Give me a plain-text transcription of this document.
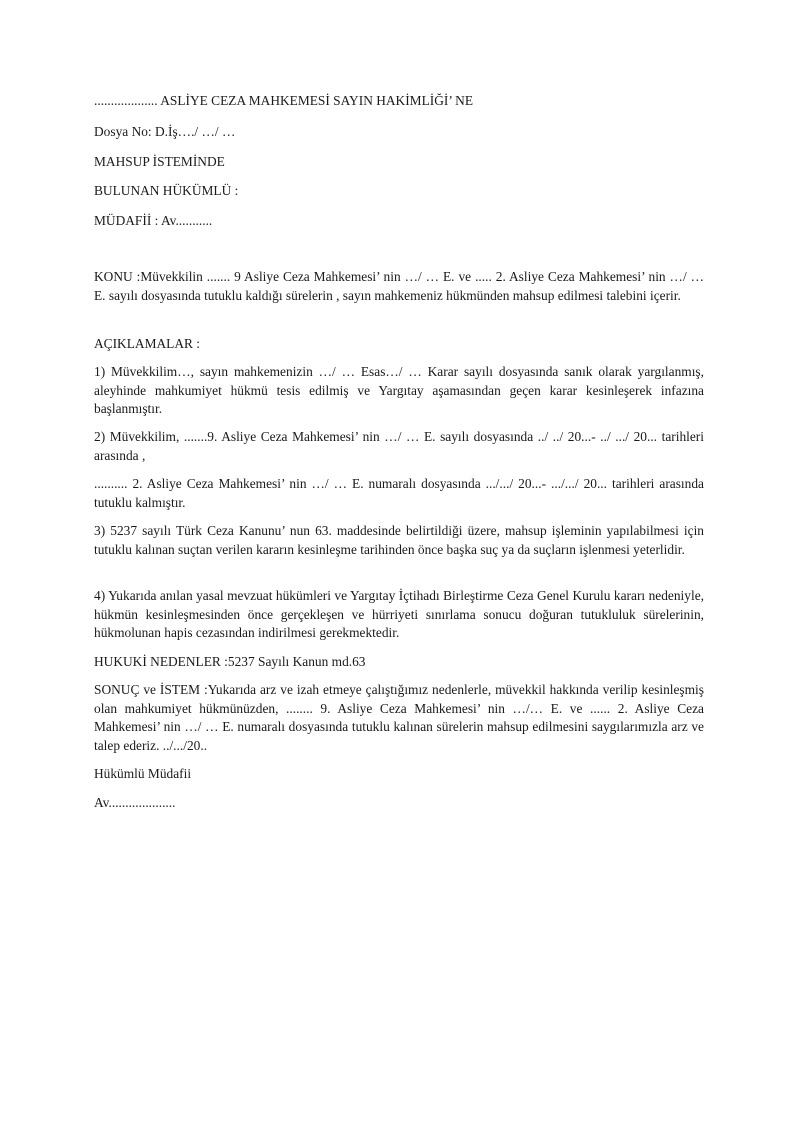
................... ASLİYE CEZA MAHKEMESİ SAYIN HAKİMLİĞİ’ NE
Dosya No: D.İş…./ …/ …
MAHSUP İSTEMİNDE
BULUNAN HÜKÜMLÜ :
MÜDAFİİ : Av...........

KONU :Müvekkilin ....... 9 Asliye Ceza Mahkemesi’ nin …/ … E. ve ..... 2. Asliye Ceza Mahkemesi’ nin …/ … E. sayılı dosyasında tutuklu kaldığı sürelerin , sayın mahkemeniz hükmünden mahsup edilmesi talebini içerir.

AÇIKLAMALAR :

1) Müvekkilim…, sayın mahkemenizin …/ … Esas…/ … Karar sayılı dosyasında sanık olarak yargılanmış, aleyhinde mahkumiyet hükmü tesis edilmiş ve Yargıtay aşamasından geçen karar kesinleşerek infazına başlanmıştır.

2) Müvekkilim, .......9. Asliye Ceza Mahkemesi’ nin …/ … E. sayılı dosyasında ../ ../ 20...- ../ .../ 20... tarihleri arasında ,

.......... 2. Asliye Ceza Mahkemesi’ nin …/ … E. numaralı dosyasında .../.../ 20...- .../.../ 20... tarihleri arasında tutuklu kalmıştır.

3) 5237 sayılı Türk Ceza Kanunu’ nun 63. maddesinde belirtildiği üzere, mahsup işleminin yapılabilmesi için tutuklu kalınan suçtan verilen kararın kesinleşme tarihinden önce başka suç ya da suçların işlenmesi yeterlidir.

4) Yukarıda anılan yasal mevzuat hükümleri ve Yargıtay İçtihadı Birleştirme Ceza Genel Kurulu kararı nedeniyle, hükmün kesinleşmesinden önce gerçekleşen ve hürriyeti sınırlama sonucu doğuran tutukluluk sürelerinin, hükmolunan hapis cezasından indirilmesi gerekmektedir.

HUKUKİ NEDENLER :5237 Sayılı Kanun md.63

SONUÇ ve İSTEM :Yukarıda arz ve izah etmeye çalıştığımız nedenlerle, müvekkil hakkında verilip kesinleşmiş olan mahkumiyet hükmünüzden, ........ 9. Asliye Ceza Mahkemesi’ nin …/… E. ve ...... 2. Asliye Ceza Mahkemesi’ nin …/ … E. numaralı dosyasında tutuklu kalınan sürelerin mahsup edilmesini saygılarımızla arz ve talep ederiz. ../.../20..

Hükümlü Müdafii
Av....................
